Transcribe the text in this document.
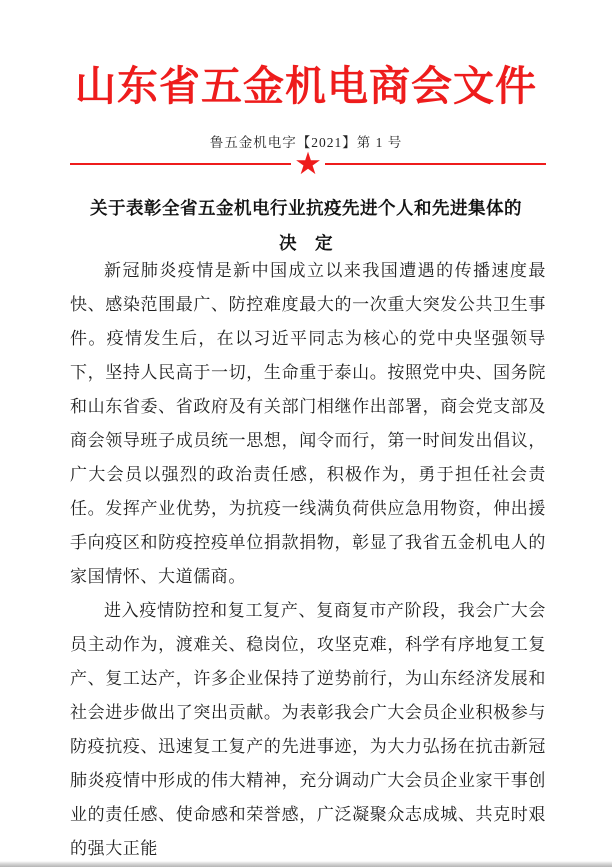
山东省五金机电商会文件
鲁五金机电字【2021】第 1 号
★
关于表彰全省五金机电行业抗疫先进个人和先进集体的
决　定

新冠肺炎疫情是新中国成立以来我国遭遇的传播速度最快、感染范围最广、防控难度最大的一次重大突发公共卫生事件。疫情发生后，在以习近平同志为核心的党中央坚强领导下，坚持人民高于一切，生命重于泰山。按照党中央、国务院和山东省委、省政府及有关部门相继作出部署，商会党支部及商会领导班子成员统一思想，闻令而行，第一时间发出倡议，广大会员以强烈的政治责任感，积极作为，勇于担任社会责任。发挥产业优势，为抗疫一线满负荷供应急用物资，伸出援手向疫区和防疫控疫单位捐款捐物，彰显了我省五金机电人的家国情怀、大道儒商。

进入疫情防控和复工复产、复商复市产阶段，我会广大会员主动作为，渡难关、稳岗位，攻坚克难，科学有序地复工复产、复工达产，许多企业保持了逆势前行，为山东经济发展和社会进步做出了突出贡献。为表彰我会广大会员企业积极参与防疫抗疫、迅速复工复产的先进事迹，为大力弘扬在抗击新冠肺炎疫情中形成的伟大精神，充分调动广大会员企业家干事创业的责任感、使命感和荣誉感，广泛凝聚众志成城、共克时艰的强大正能
